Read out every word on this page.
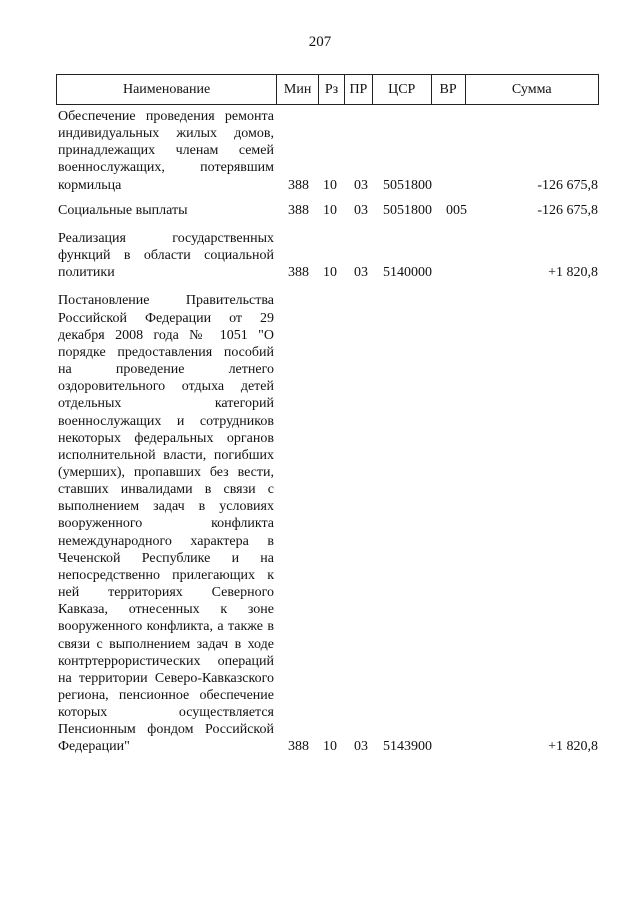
207
Наименование	Мин Рз ПР	ЦСР	ВР	Сумма
Обеспечение проведения ремонта индивидуальных жилых домов, принадлежащих членам семей военнослужащих, потерявшим кормильца	388 10 03 5051800	-126 675,8
Социальные выплаты	388 10 03 5051800 005	-126 675,8
Реализация государственных функций в области социальной политики	388 10 03 5140000	+1 820,8
Постановление Правительства Российской Федерации от 29 декабря 2008 года № 1051 "О порядке предоставления пособий на проведение летнего оздоровительного отдыха детей отдельных категорий военнослужащих и сотрудников некоторых федеральных органов исполнительной власти, погибших (умерших), пропавших без вести, ставших инвалидами в связи с выполнением задач в условиях вооруженного конфликта немеждународного характера в Чеченской Республике и на непосредственно прилегающих к ней территориях Северного Кавказа, отнесенных к зоне вооруженного конфликта, а также в связи с выполнением задач в ходе контртеррористических операций на территории Северо-Кавказского региона, пенсионное обеспечение которых осуществляется Пенсионным фондом Российской Федерации"	388 10 03 5143900	+1 820,8
